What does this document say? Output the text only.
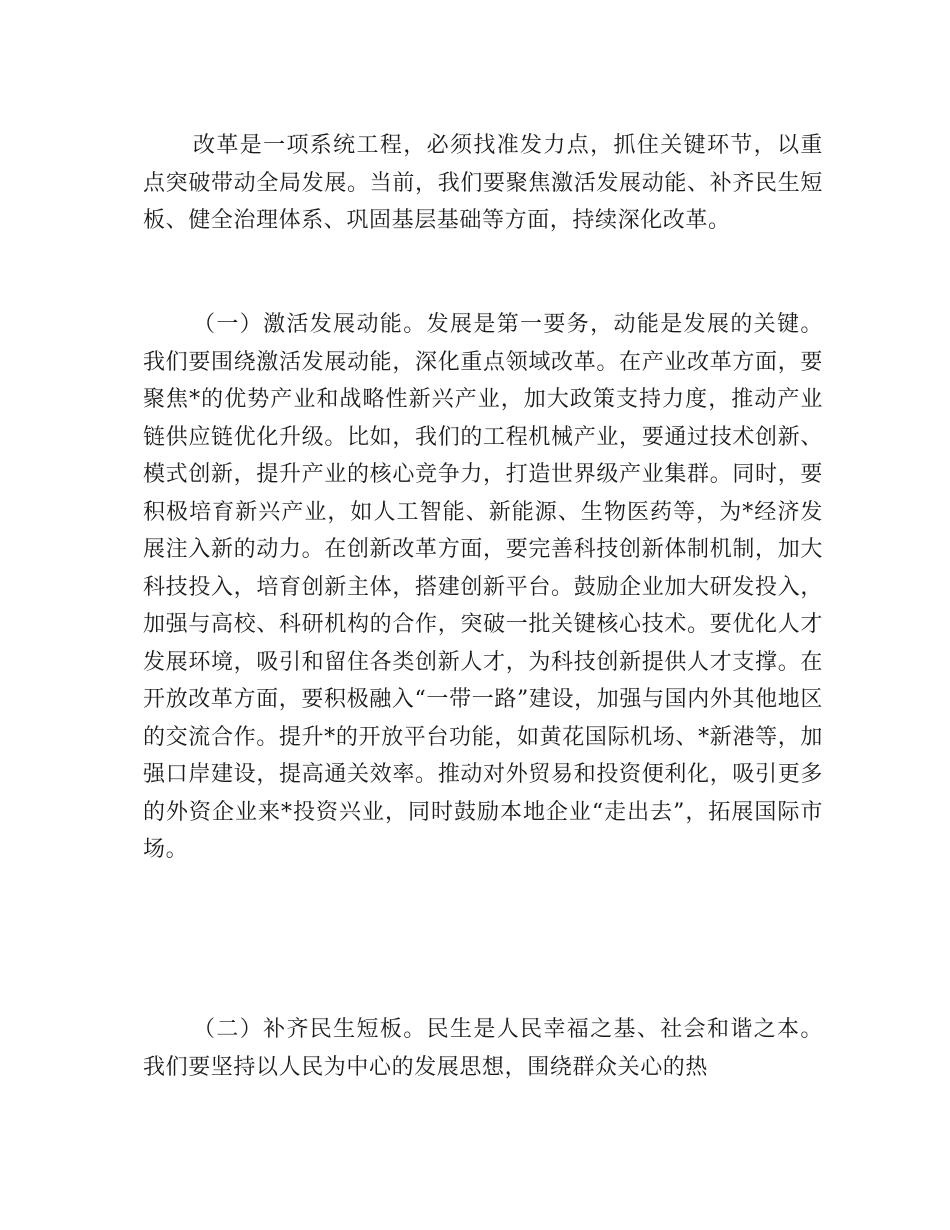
改革是一项系统工程，必须找准发力点，抓住关键环节，以重点突破带动全局发展。当前，我们要聚焦激活发展动能、补齐民生短板、健全治理体系、巩固基层基础等方面，持续深化改革。

（一）激活发展动能。发展是第一要务，动能是发展的关键。我们要围绕激活发展动能，深化重点领域改革。在产业改革方面，要聚焦*的优势产业和战略性新兴产业，加大政策支持力度，推动产业链供应链优化升级。比如，我们的工程机械产业，要通过技术创新、模式创新，提升产业的核心竞争力，打造世界级产业集群。同时，要积极培育新兴产业，如人工智能、新能源、生物医药等，为*经济发展注入新的动力。在创新改革方面，要完善科技创新体制机制，加大科技投入，培育创新主体，搭建创新平台。鼓励企业加大研发投入，加强与高校、科研机构的合作，突破一批关键核心技术。要优化人才发展环境，吸引和留住各类创新人才，为科技创新提供人才支撑。在开放改革方面，要积极融入“一带一路”建设，加强与国内外其他地区的交流合作。提升*的开放平台功能，如黄花国际机场、*新港等，加强口岸建设，提高通关效率。推动对外贸易和投资便利化，吸引更多的外资企业来*投资兴业，同时鼓励本地企业“走出去”，拓展国际市场。

（二）补齐民生短板。民生是人民幸福之基、社会和谐之本。我们要坚持以人民为中心的发展思想，围绕群众关心的热
